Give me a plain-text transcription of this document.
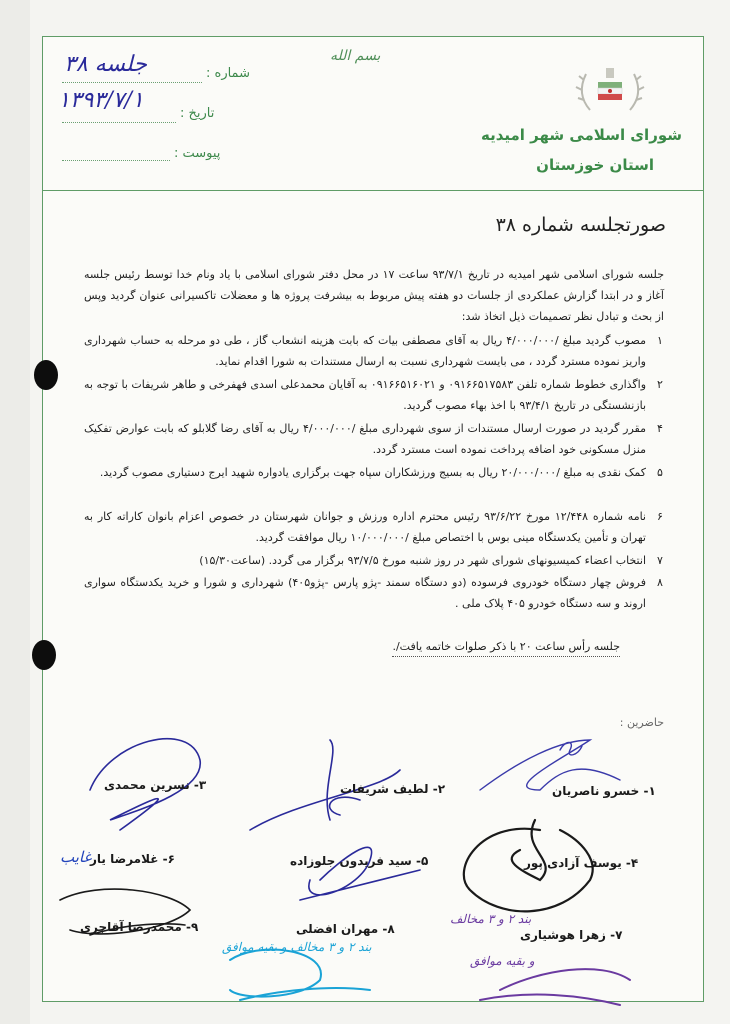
شماره :
جلسه ۳۸
تاریخ :
۱۳۹۳/۷/۱
پیوست :
بسم الله
شورای اسلامی شهر امیدیه
استان خوزستان
صورتجلسه شماره ۳۸
جلسه شورای اسلامی شهر امیدیه در تاریخ ۹۳/۷/۱ ساعت ۱۷ در محل دفتر شورای اسلامی با یاد ونام خدا توسط رئیس جلسه آغاز و در ابتدا گزارش عملکردی از جلسات دو هفته پیش مربوط به بیشرفت پروژه ها و معضلات تاکسیرانی عنوان گردید وپس از بحث و تبادل نظر تصمیمات ذیل اتخاذ شد:
۱
مصوب گردید مبلغ /۴/۰۰۰/۰۰۰ ریال به آقای مصطفی بیات که بابت هزینه انشعاب گاز ، طی دو مرحله به حساب شهرداری واریز نموده مسترد گردد ، می بایست شهرداری نسبت به ارسال مستندات به شورا اقدام نماید.
۲
واگذاری خطوط شماره تلفن ۰۹۱۶۶۵۱۷۵۸۳ و ۰۹۱۶۶۵۱۶۰۲۱ به آقایان محمدعلی اسدی فهفرخی و طاهر شریفات با توجه به بازنشستگی در تاریخ ۹۳/۴/۱ با اخذ بهاء مصوب گردید.
۴
مقرر گردید در صورت ارسال مستندات از سوی شهرداری مبلغ /۴/۰۰۰/۰۰۰ ریال به آقای رضا گلابلو که بابت عوارض تفکیک منزل مسکونی خود اضافه پرداخت نموده است مسترد گردد.
۵
کمک نقدی به مبلغ /۲۰/۰۰۰/۰۰۰ ریال به بسیج ورزشکاران سپاه جهت برگزاری یادواره شهید ایرج دستیاری مصوب گردید.
۶
نامه شماره ۱۲/۴۴۸ مورخ ۹۳/۶/۲۲ رئیس محترم اداره ورزش و جوانان شهرستان در خصوص اعزام بانوان کاراته کار به تهران و تأمین یکدستگاه مینی بوس با اختصاص مبلغ /۱۰/۰۰۰/۰۰۰ ریال موافقت گردید.
۷
انتخاب اعضاء کمیسیونهای شورای شهر در روز شنبه مورخ ۹۳/۷/۵ برگزار می گردد. (ساعت۱۵/۳۰)
۸
فروش چهار دستگاه خودروی فرسوده (دو دستگاه سمند -پژو پارس -پژو۴۰۵) شهرداری و شورا و خرید یکدستگاه سواری اروند و سه دستگاه خودرو ۴۰۵ پلاک ملی .
جلسه رأس ساعت ۲۰ با ذکر صلوات خاتمه یافت/.
حاضرین :
۱- خسرو ناصریان
۲- لطیف شریفات
۳- نسرین محمدی
۴- یوسف آزادی پور
۵- سید فریدون جلوزاده
۶- غلامرضا یار
۷- زهرا هوشیاری
۸- مهران افضلی
۹- محمدرضا آقاجری
غایب
بند ۲ و ۳ مخالف و بقیه موافق
بند ۲ و ۳ مخالف
و بقیه موافق
